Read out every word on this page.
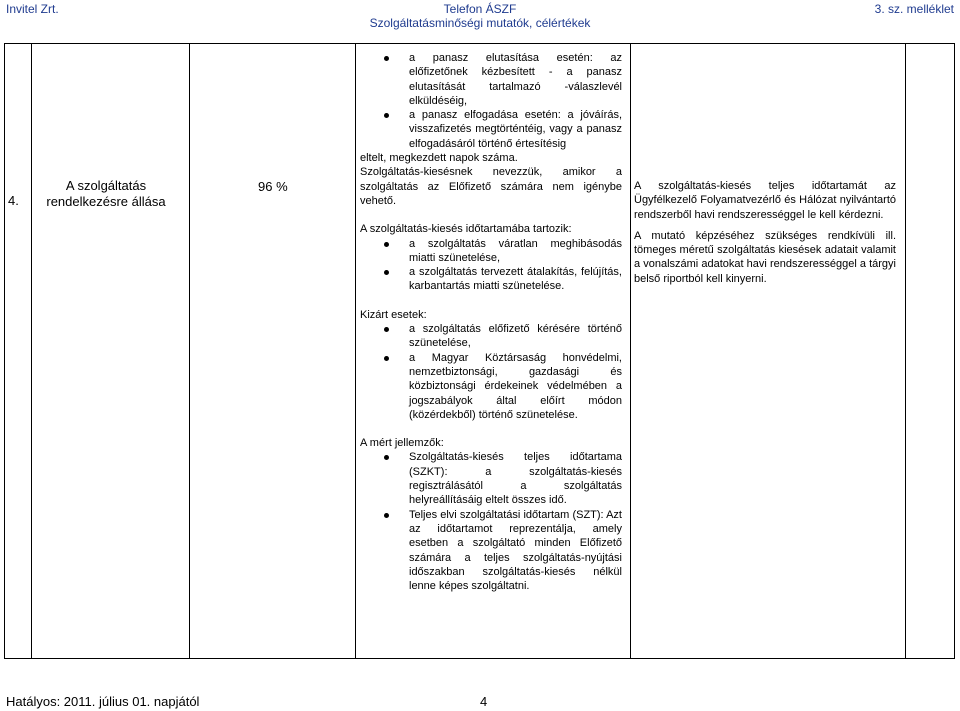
Invitel Zrt.	Telefon ÁSZF
Szolgáltatásminőségi mutatók, célértékek
3. sz. melléklet
4.
A szolgáltatás rendelkezésre állása
96 %
a panasz elutasítása esetén: az előfizetőnek kézbesített - a panasz elutasítását tartalmazó -válaszlevél elküldéséig,
a panasz elfogadása esetén: a jóváírás, visszafizetés megtörténtéig, vagy a panasz elfogadásáról történő értesítésig
eltelt, megkezdett napok száma.
Szolgáltatás-kiesésnek nevezzük, amikor a szolgáltatás az Előfizető számára nem igénybe vehető.
A szolgáltatás-kiesés időtartamába tartozik:
a szolgáltatás váratlan meghibásodás miatti szünetelése,
a szolgáltatás tervezett átalakítás, felújítás, karbantartás miatti szünetelése.
Kizárt esetek:
a szolgáltatás előfizető kérésére történő szünetelése,
a Magyar Köztársaság honvédelmi, nemzetbiztonsági, gazdasági és közbiztonsági érdekeinek védelmében a jogszabályok által előírt módon (közérdekből) történő szünetelése.
A mért jellemzők:
Szolgáltatás-kiesés teljes időtartama (SZKT): a szolgáltatás-kiesés regisztrálásától a szolgáltatás helyreállításáig eltelt összes idő.
Teljes elvi szolgáltatási időtartam (SZT): Azt az időtartamot reprezentálja, amely esetben a szolgáltató minden Előfizető számára a teljes szolgáltatás-nyújtási időszakban szolgáltatás-kiesés nélkül lenne képes szolgáltatni.
A szolgáltatás-kiesés teljes időtartamát az Ügyfélkezelő Folyamatvezérlő és Hálózat nyilvántartó rendszerből havi rendszerességgel le kell kérdezni.
A mutató képzéséhez szükséges rendkívüli ill. tömeges méretű szolgáltatás kiesések adatait valamit a vonalszámi adatokat havi rendszerességgel a tárgyi belső riportból kell kinyerni.
Hatályos: 2011. július 01. napjától	4
